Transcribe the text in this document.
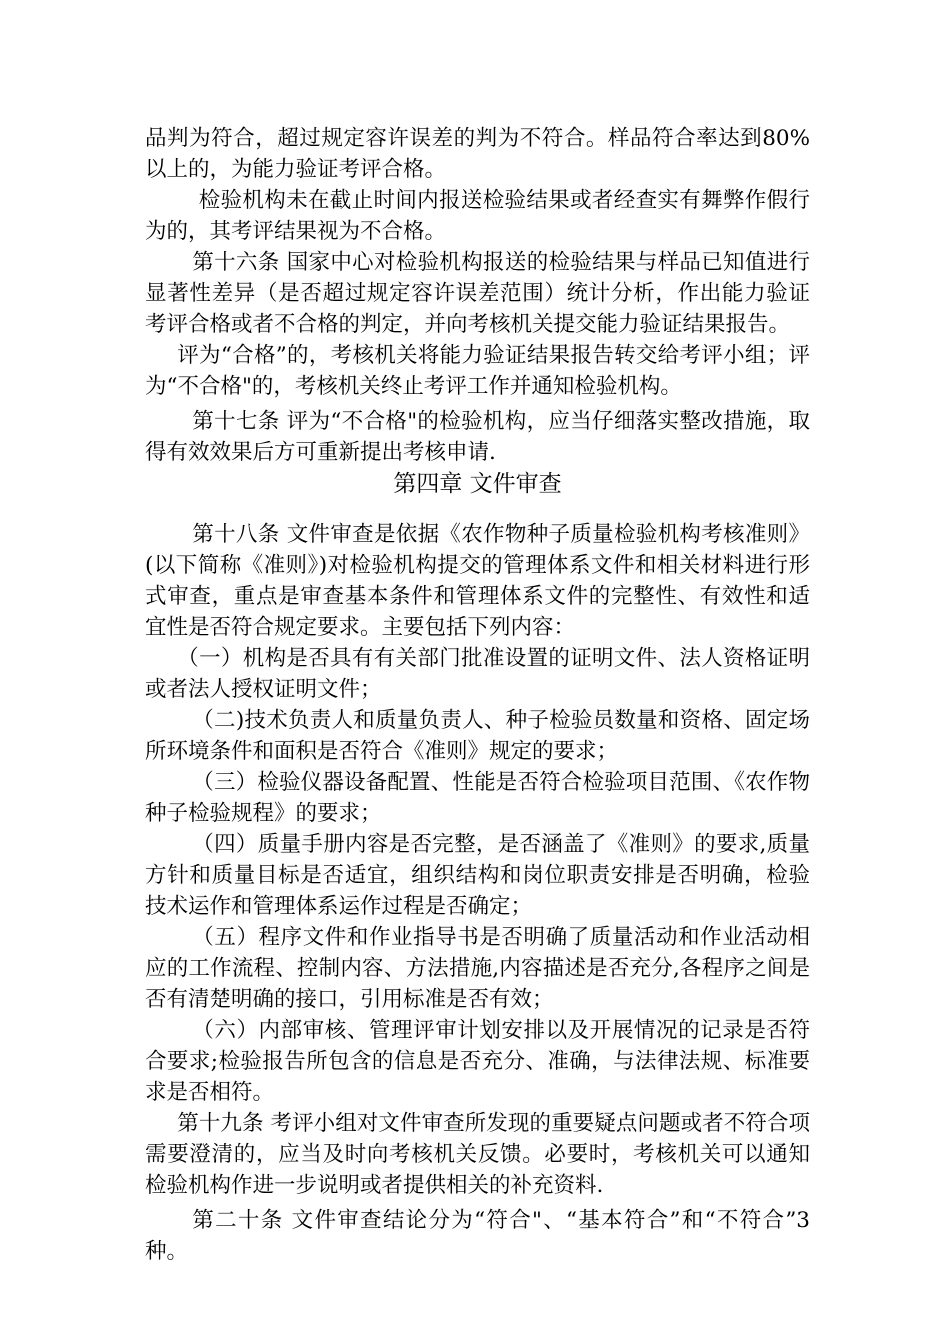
品判为符合，超过规定容许误差的判为不符合。样品符合率达到80%以上的，为能力验证考评合格。

检验机构未在截止时间内报送检验结果或者经查实有舞弊作假行为的，其考评结果视为不合格。

第十六条 国家中心对检验机构报送的检验结果与样品已知值进行显著性差异（是否超过规定容许误差范围）统计分析，作出能力验证考评合格或者不合格的判定，并向考核机关提交能力验证结果报告。

评为“合格”的，考核机关将能力验证结果报告转交给考评小组；评为“不合格"的，考核机关终止考评工作并通知检验机构。

第十七条 评为“不合格"的检验机构，应当仔细落实整改措施，取得有效效果后方可重新提出考核申请.

第四章 文件审查

第十八条 文件审查是依据《农作物种子质量检验机构考核准则》(以下简称《准则》)对检验机构提交的管理体系文件和相关材料进行形式审查，重点是审查基本条件和管理体系文件的完整性、有效性和适宜性是否符合规定要求。主要包括下列内容：

（一）机构是否具有有关部门批准设置的证明文件、法人资格证明或者法人授权证明文件；

（二)技术负责人和质量负责人、种子检验员数量和资格、固定场所环境条件和面积是否符合《准则》规定的要求；

（三）检验仪器设备配置、性能是否符合检验项目范围、《农作物种子检验规程》的要求；

（四）质量手册内容是否完整，是否涵盖了《准则》的要求,质量方针和质量目标是否适宜，组织结构和岗位职责安排是否明确，检验技术运作和管理体系运作过程是否确定；

（五）程序文件和作业指导书是否明确了质量活动和作业活动相应的工作流程、控制内容、方法措施,内容描述是否充分,各程序之间是否有清楚明确的接口，引用标准是否有效；

（六）内部审核、管理评审计划安排以及开展情况的记录是否符合要求;检验报告所包含的信息是否充分、准确，与法律法规、标准要求是否相符。

第十九条 考评小组对文件审查所发现的重要疑点问题或者不符合项需要澄清的，应当及时向考核机关反馈。必要时，考核机关可以通知检验机构作进一步说明或者提供相关的补充资料.

第二十条 文件审查结论分为“符合"、“基本符合”和“不符合”3种。
